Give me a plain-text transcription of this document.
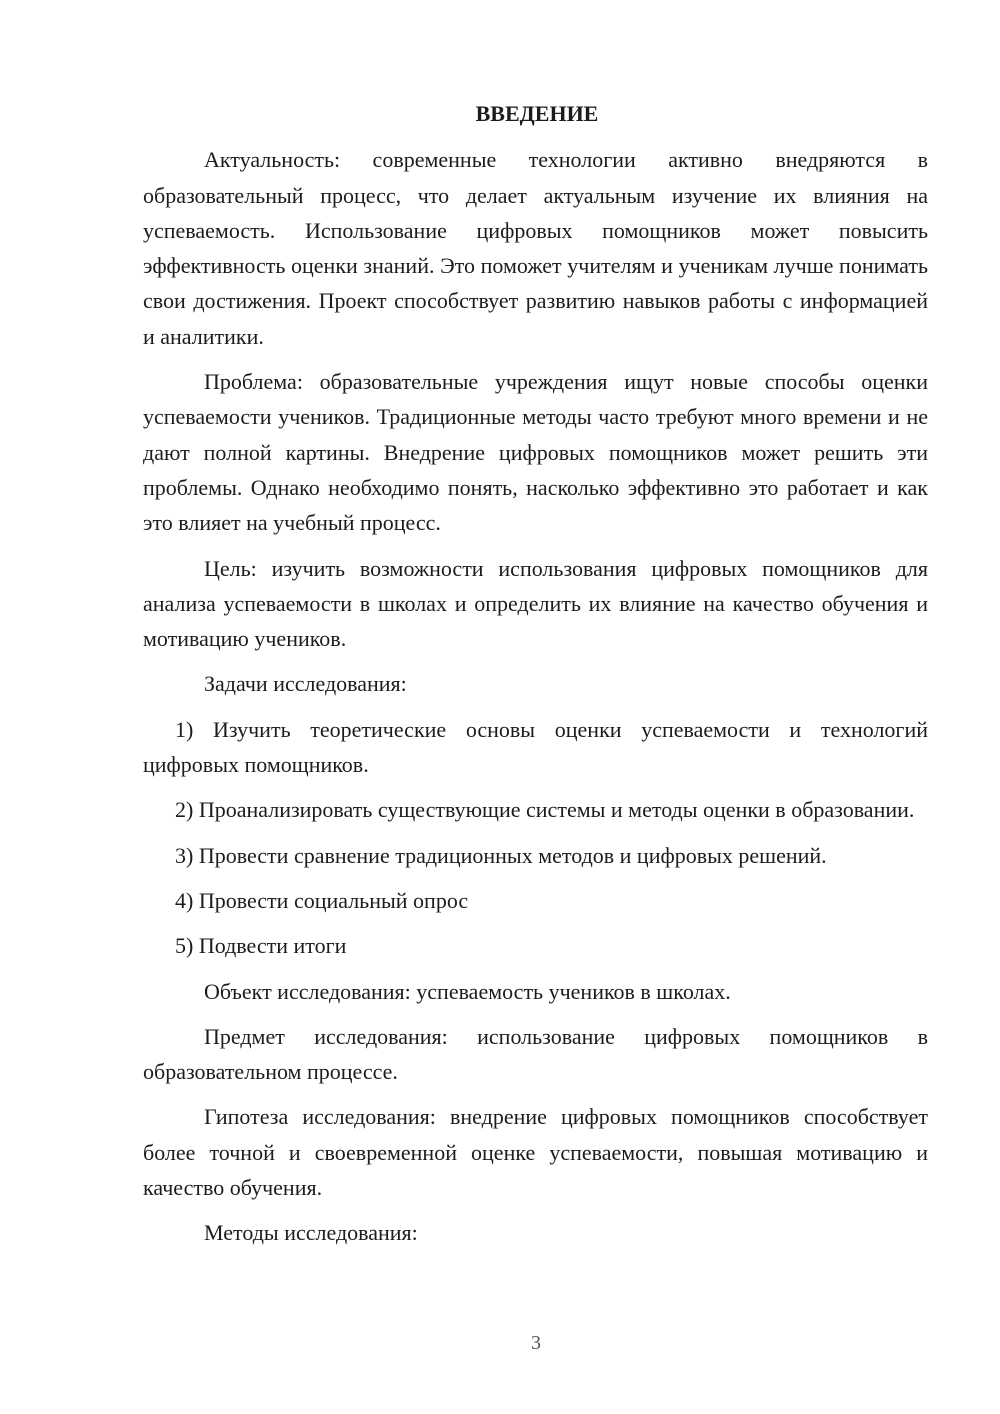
ВВЕДЕНИЕ

Актуальность: современные технологии активно внедряются в образовательный процесс, что делает актуальным изучение их влияния на успеваемость. Использование цифровых помощников может повысить эффективность оценки знаний. Это поможет учителям и ученикам лучше понимать свои достижения. Проект способствует развитию навыков работы с информацией и аналитики.

Проблема: образовательные учреждения ищут новые способы оценки успеваемости учеников. Традиционные методы часто требуют много времени и не дают полной картины. Внедрение цифровых помощников может решить эти проблемы. Однако необходимо понять, насколько эффективно это работает и как это влияет на учебный процесс.

Цель: изучить возможности использования цифровых помощников для анализа успеваемости в школах и определить их влияние на качество обучения и мотивацию учеников.

Задачи исследования:

1) Изучить теоретические основы оценки успеваемости и технологий цифровых помощников.

2) Проанализировать существующие системы и методы оценки в образовании.

3) Провести сравнение традиционных методов и цифровых решений.

4) Провести социальный опрос

5) Подвести итоги

Объект исследования: успеваемость учеников в школах.

Предмет исследования: использование цифровых помощников в образовательном процессе.

Гипотеза исследования: внедрение цифровых помощников способствует более точной и своевременной оценке успеваемости, повышая мотивацию и качество обучения.

Методы исследования:

3
